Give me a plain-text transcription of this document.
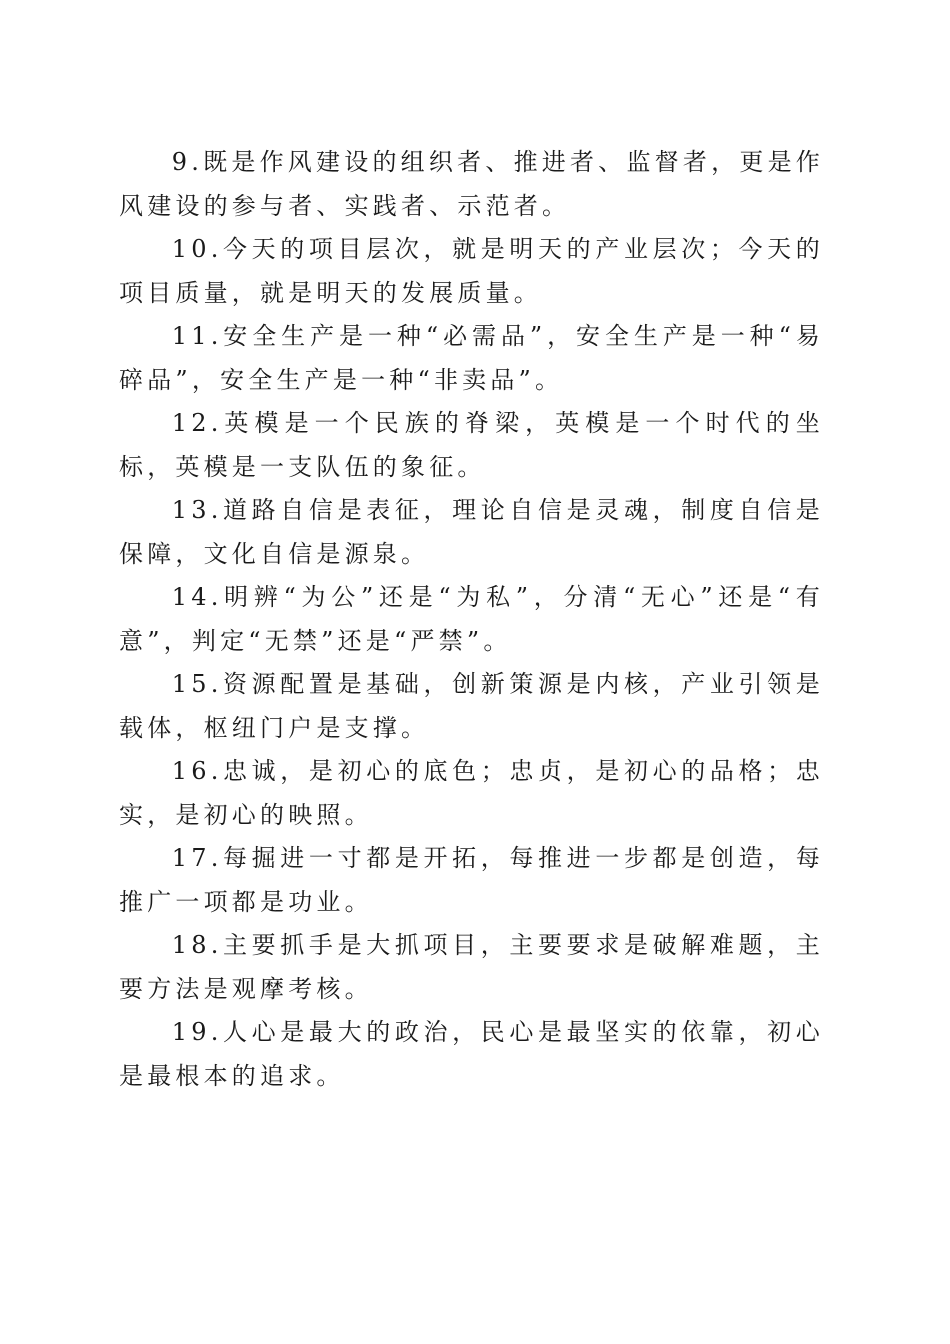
9.既是作风建设的组织者、推进者、监督者，更是作风建设的参与者、实践者、示范者。

10.今天的项目层次，就是明天的产业层次；今天的项目质量，就是明天的发展质量。

11.安全生产是一种“必需品”，安全生产是一种“易碎品”，安全生产是一种“非卖品”。

12.英模是一个民族的脊梁，英模是一个时代的坐标，英模是一支队伍的象征。

13.道路自信是表征，理论自信是灵魂，制度自信是保障，文化自信是源泉。

14.明辨“为公”还是“为私”，分清“无心”还是“有意”，判定“无禁”还是“严禁”。

15.资源配置是基础，创新策源是内核，产业引领是载体，枢纽门户是支撑。

16.忠诚，是初心的底色；忠贞，是初心的品格；忠实，是初心的映照。

17.每掘进一寸都是开拓，每推进一步都是创造，每推广一项都是功业。

18.主要抓手是大抓项目，主要要求是破解难题，主要方法是观摩考核。

19.人心是最大的政治，民心是最坚实的依靠，初心是最根本的追求。
